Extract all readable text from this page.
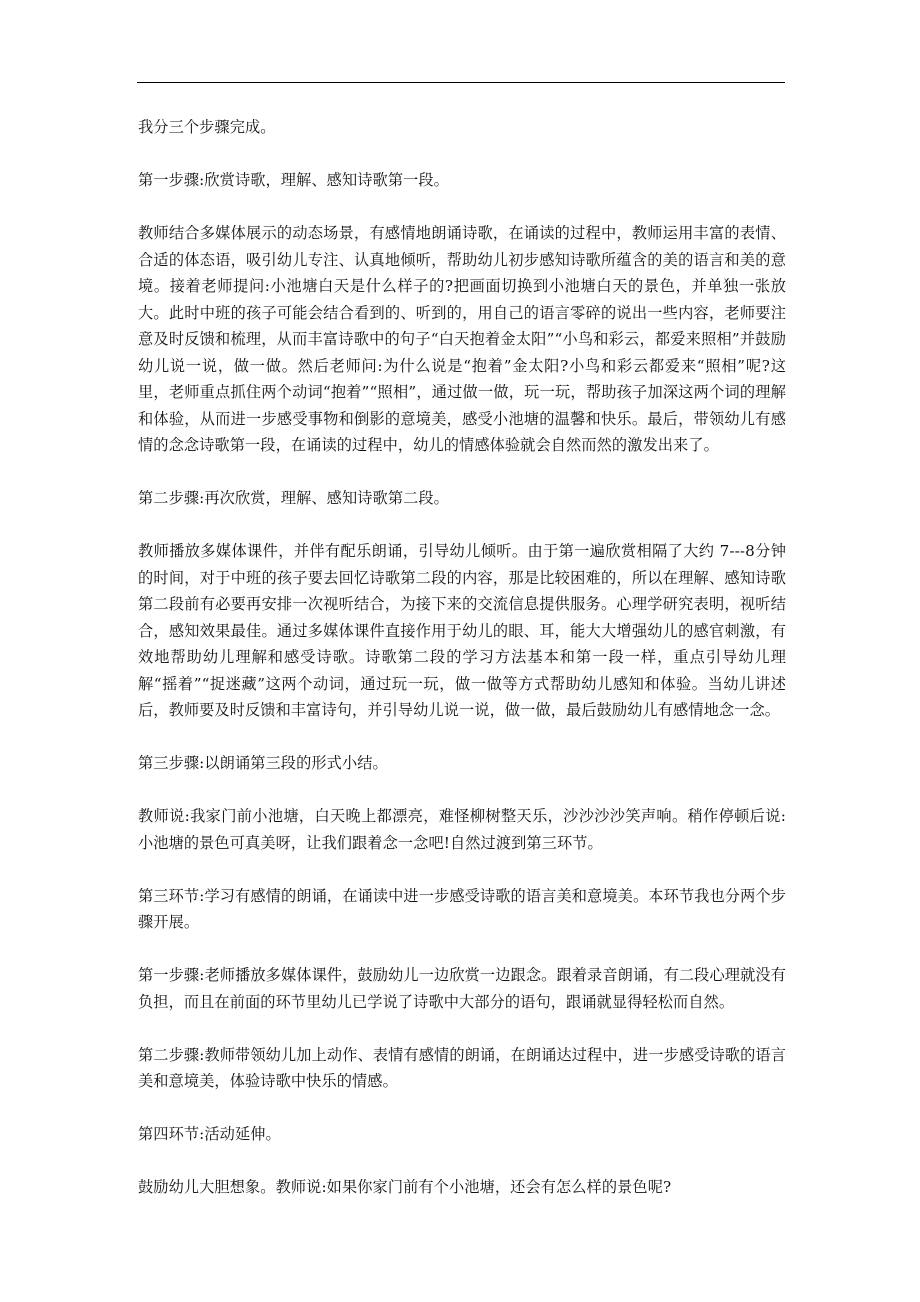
我分三个步骤完成。

第一步骤:欣赏诗歌，理解、感知诗歌第一段。

教师结合多媒体展示的动态场景，有感情地朗诵诗歌，在诵读的过程中，教师运用丰富的表情、合适的体态语，吸引幼儿专注、认真地倾听，帮助幼儿初步感知诗歌所蕴含的美的语言和美的意境。接着老师提问:小池塘白天是什么样子的?把画面切换到小池塘白天的景色，并单独一张放大。此时中班的孩子可能会结合看到的、听到的，用自己的语言零碎的说出一些内容，老师要注意及时反馈和梳理，从而丰富诗歌中的句子“白天抱着金太阳”“小鸟和彩云，都爱来照相”并鼓励幼儿说一说，做一做。然后老师问:为什么说是“抱着”金太阳?小鸟和彩云都爱来“照相”呢?这里，老师重点抓住两个动词“抱着”“照相”，通过做一做，玩一玩，帮助孩子加深这两个词的理解和体验，从而进一步感受事物和倒影的意境美，感受小池塘的温馨和快乐。最后，带领幼儿有感情的念念诗歌第一段，在诵读的过程中，幼儿的情感体验就会自然而然的激发出来了。

第二步骤:再次欣赏，理解、感知诗歌第二段。

教师播放多媒体课件，并伴有配乐朗诵，引导幼儿倾听。由于第一遍欣赏相隔了大约 7---8分钟的时间，对于中班的孩子要去回忆诗歌第二段的内容，那是比较困难的，所以在理解、感知诗歌第二段前有必要再安排一次视听结合，为接下来的交流信息提供服务。心理学研究表明，视听结合，感知效果最佳。通过多媒体课件直接作用于幼儿的眼、耳，能大大增强幼儿的感官刺激，有效地帮助幼儿理解和感受诗歌。诗歌第二段的学习方法基本和第一段一样，重点引导幼儿理解“摇着”“捉迷藏”这两个动词，通过玩一玩，做一做等方式帮助幼儿感知和体验。当幼儿讲述后，教师要及时反馈和丰富诗句，并引导幼儿说一说，做一做，最后鼓励幼儿有感情地念一念。

第三步骤:以朗诵第三段的形式小结。

教师说:我家门前小池塘，白天晚上都漂亮，难怪柳树整天乐，沙沙沙沙笑声响。稍作停顿后说:小池塘的景色可真美呀，让我们跟着念一念吧!自然过渡到第三环节。

第三环节:学习有感情的朗诵，在诵读中进一步感受诗歌的语言美和意境美。本环节我也分两个步骤开展。

第一步骤:老师播放多媒体课件，鼓励幼儿一边欣赏一边跟念。跟着录音朗诵，有二段心理就没有负担，而且在前面的环节里幼儿已学说了诗歌中大部分的语句，跟诵就显得轻松而自然。

第二步骤:教师带领幼儿加上动作、表情有感情的朗诵，在朗诵达过程中，进一步感受诗歌的语言美和意境美，体验诗歌中快乐的情感。

第四环节:活动延伸。

鼓励幼儿大胆想象。教师说:如果你家门前有个小池塘，还会有怎么样的景色呢?
